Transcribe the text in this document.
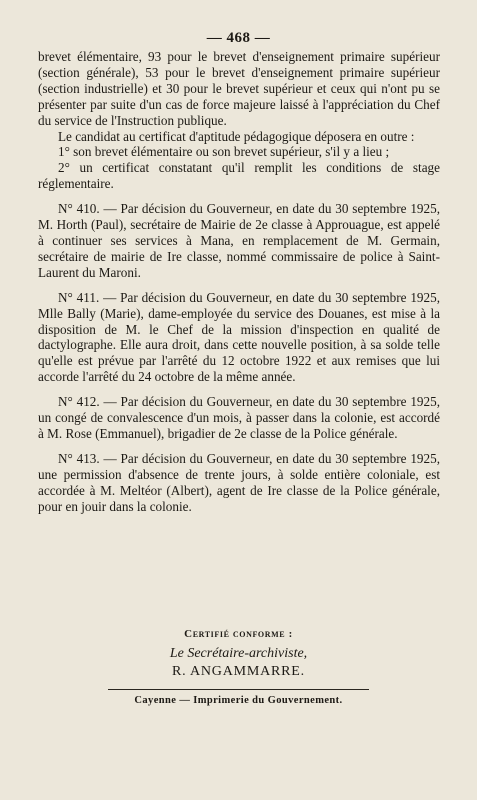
— 468 —

brevet élémentaire, 93 pour le brevet d'enseignement primaire supérieur (section générale), 53 pour le brevet d'enseignement primaire supérieur (section industrielle) et 30 pour le brevet supérieur et ceux qui n'ont pu se présenter par suite d'un cas de force majeure laissé à l'appréciation du Chef du service de l'Instruction publique.

Le candidat au certificat d'aptitude pédagogique déposera en outre :

1° son brevet élémentaire ou son brevet supérieur, s'il y a lieu ;

2° un certificat constatant qu'il remplit les conditions de stage réglementaire.

N° 410. — Par décision du Gouverneur, en date du 30 septembre 1925, M. Horth (Paul), secrétaire de Mairie de 2e classe à Approuague, est appelé à continuer ses services à Mana, en remplacement de M. Germain, secrétaire de mairie de Ire classe, nommé commissaire de police à Saint-Laurent du Maroni.

N° 411. — Par décision du Gouverneur, en date du 30 septembre 1925, Mlle Bally (Marie), dame-employée du service des Douanes, est mise à la disposition de M. le Chef de la mission d'inspection en qualité de dactylographe. Elle aura droit, dans cette nouvelle position, à sa solde telle qu'elle est prévue par l'arrêté du 12 octobre 1922 et aux remises que lui accorde l'arrêté du 24 octobre de la même année.

N° 412. — Par décision du Gouverneur, en date du 30 septembre 1925, un congé de convalescence d'un mois, à passer dans la colonie, est accordé à M. Rose (Emmanuel), brigadier de 2e classe de la Police générale.

N° 413. — Par décision du Gouverneur, en date du 30 septembre 1925, une permission d'absence de trente jours, à solde entière coloniale, est accordée à M. Meltéor (Albert), agent de Ire classe de la Police générale, pour en jouir dans la colonie.

Certifié conforme :
Le Secrétaire-archiviste,
R. ANGAMMARRE.
Cayenne — Imprimerie du Gouvernement.
